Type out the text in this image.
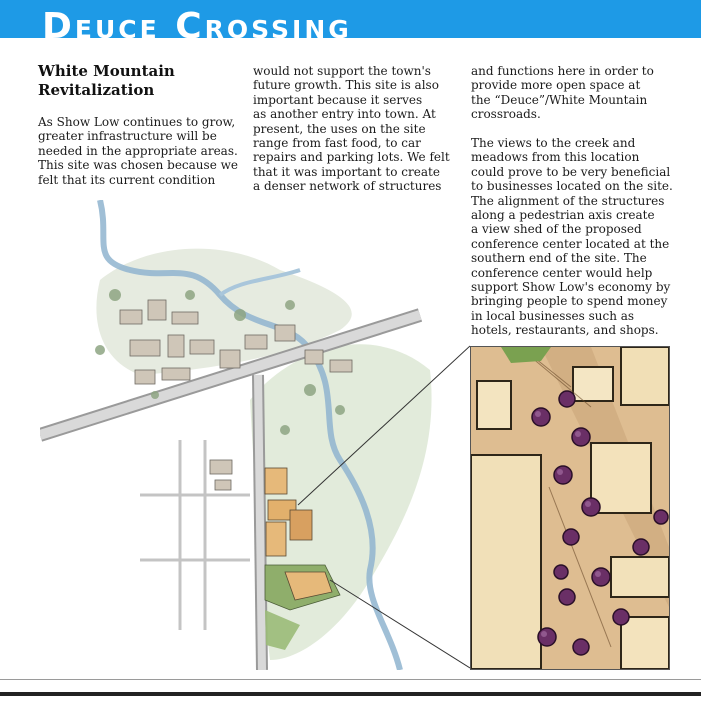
Deuce Crossing
White Mountain
Revitalization
As Show Low continues to grow,
greater infrastructure will be
needed in the appropriate areas.
This site was chosen because we
felt that its current condition
would not support the town's
future growth. This site is also
important because it serves
as another entry into town. At
present, the uses on the site
range from fast food, to car
repairs and parking lots. We felt
that it was important to create
a denser network of structures
and functions here in order to
provide more open space at
the “Deuce”/White Mountain
crossroads.
The views to the creek and
meadows from this location
could prove to be very beneficial
to businesses located on the site.
The alignment of the structures
along a pedestrian axis create
a view shed of the proposed
conference center located at the
southern end of the site. The
conference center would help
support Show Low's economy by
bringing people to spend money
in local businesses such as
hotels, restaurants, and shops.
